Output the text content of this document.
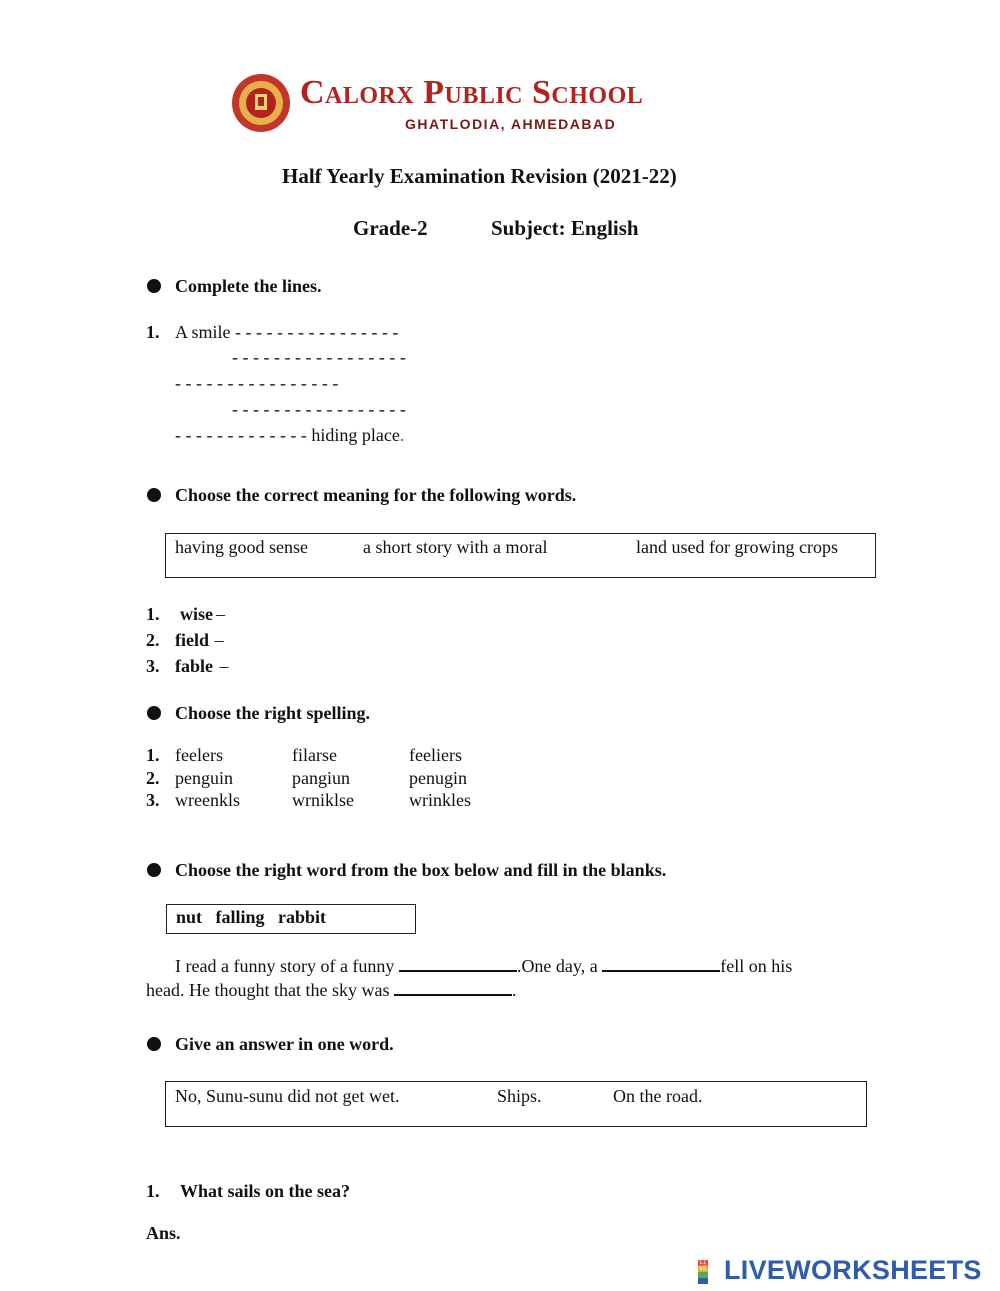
Calorx Public School
GHATLODIA, AHMEDABAD
Half Yearly Examination Revision (2021-22)
Grade-2	Subject: English
Complete the lines.
1. A smile - - - - - - - - - - - - - - - -
- - - - - - - - - - - - - - - - -
- - - - - - - - - - - - - - - -
- - - - - - - - - - - - - - - - -
- - - - - - - - - - - - - hiding place.
Choose the correct meaning for the following words.
having good sense	a short story with a moral	land used for growing crops
1. wise –
2. field –
3. fable –
Choose the right spelling.
1. feelers	filarse	feeliers
2. penguin	pangiun	penugin
3. wreenkls	wrniklse	wrinkles
Choose the right word from the box below and fill in the blanks.
nut   falling   rabbit
I read a funny story of a funny	.One day, a	fell on his
head. He thought that the sky was	.
Give an answer in one word.
No, Sunu-sunu did not get wet.	Ships.	On the road.
1. What sails on the sea?
Ans.
LIVE LIVEWORKSHEETS
